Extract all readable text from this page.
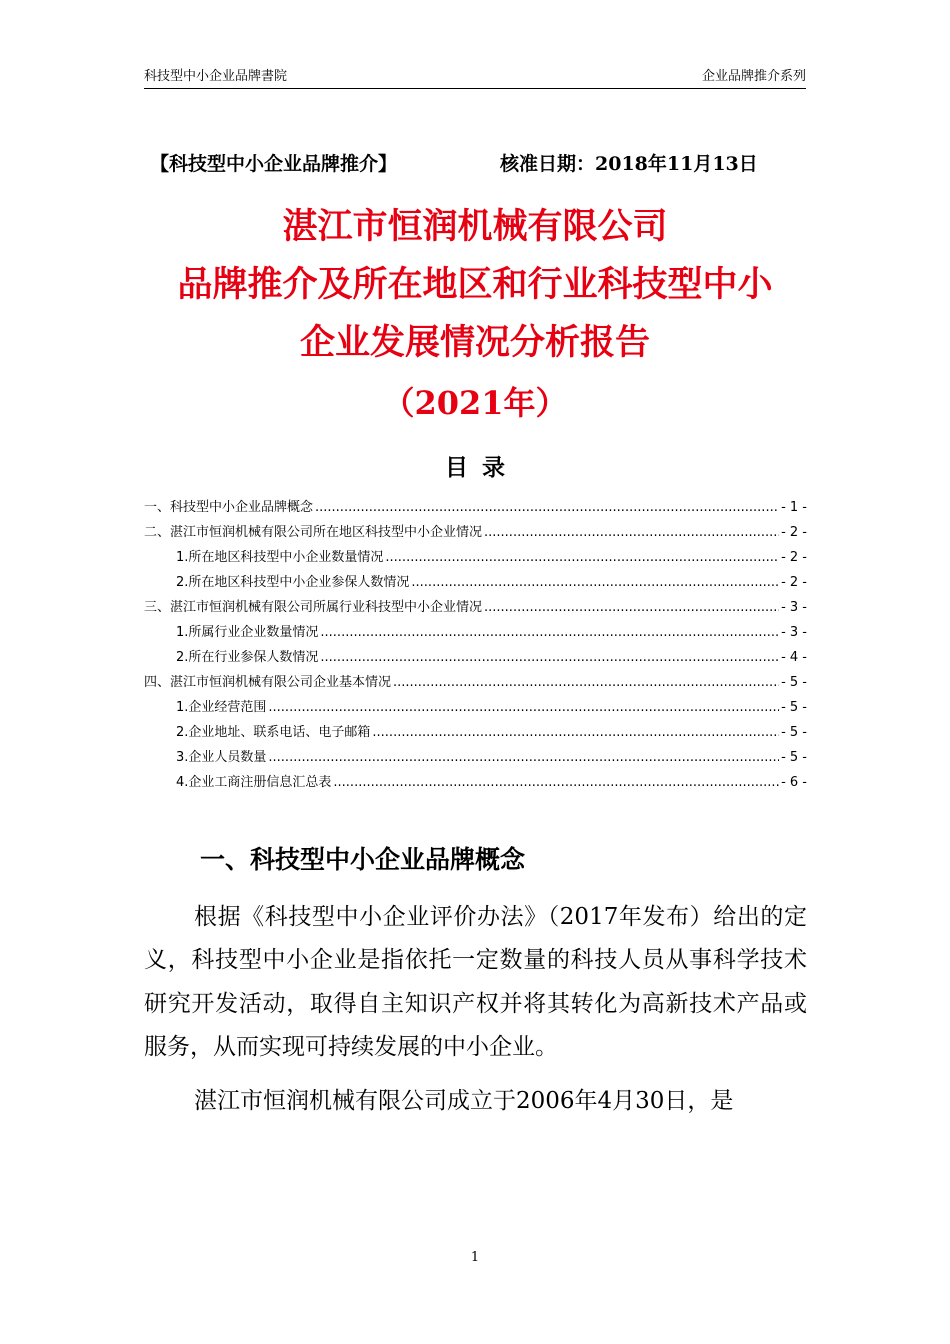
科技型中小企业品牌書院	企业品牌推介系列
【科技型中小企业品牌推介】	核准日期：2018年11月13日
湛江市恒润机械有限公司
品牌推介及所在地区和行业科技型中小
企业发展情况分析报告
（2021年）
目录
一、科技型中小企业品牌概念 .....	- 1 -
二、湛江市恒润机械有限公司所在地区科技型中小企业情况 .....	- 2 -
1.所在地区科技型中小企业数量情况 .....	- 2 -
2.所在地区科技型中小企业参保人数情况 .....	- 2 -
三、湛江市恒润机械有限公司所属行业科技型中小企业情况 .....	- 3 -
1.所属行业企业数量情况 .....	- 3 -
2.所在行业参保人数情况 .....	- 4 -
四、湛江市恒润机械有限公司企业基本情况 .....	- 5 -
1.企业经营范围 .....	- 5 -
2.企业地址、联系电话、电子邮箱 .....	- 5 -
3.企业人员数量 .....	- 5 -
4.企业工商注册信息汇总表 .....	- 6 -
一、科技型中小企业品牌概念

根据《科技型中小企业评价办法》（2017年发布）给出的定义，科技型中小企业是指依托一定数量的科技人员从事科学技术研究开发活动，取得自主知识产权并将其转化为高新技术产品或服务，从而实现可持续发展的中小企业。

湛江市恒润机械有限公司成立于2006年4月30日，是

1
